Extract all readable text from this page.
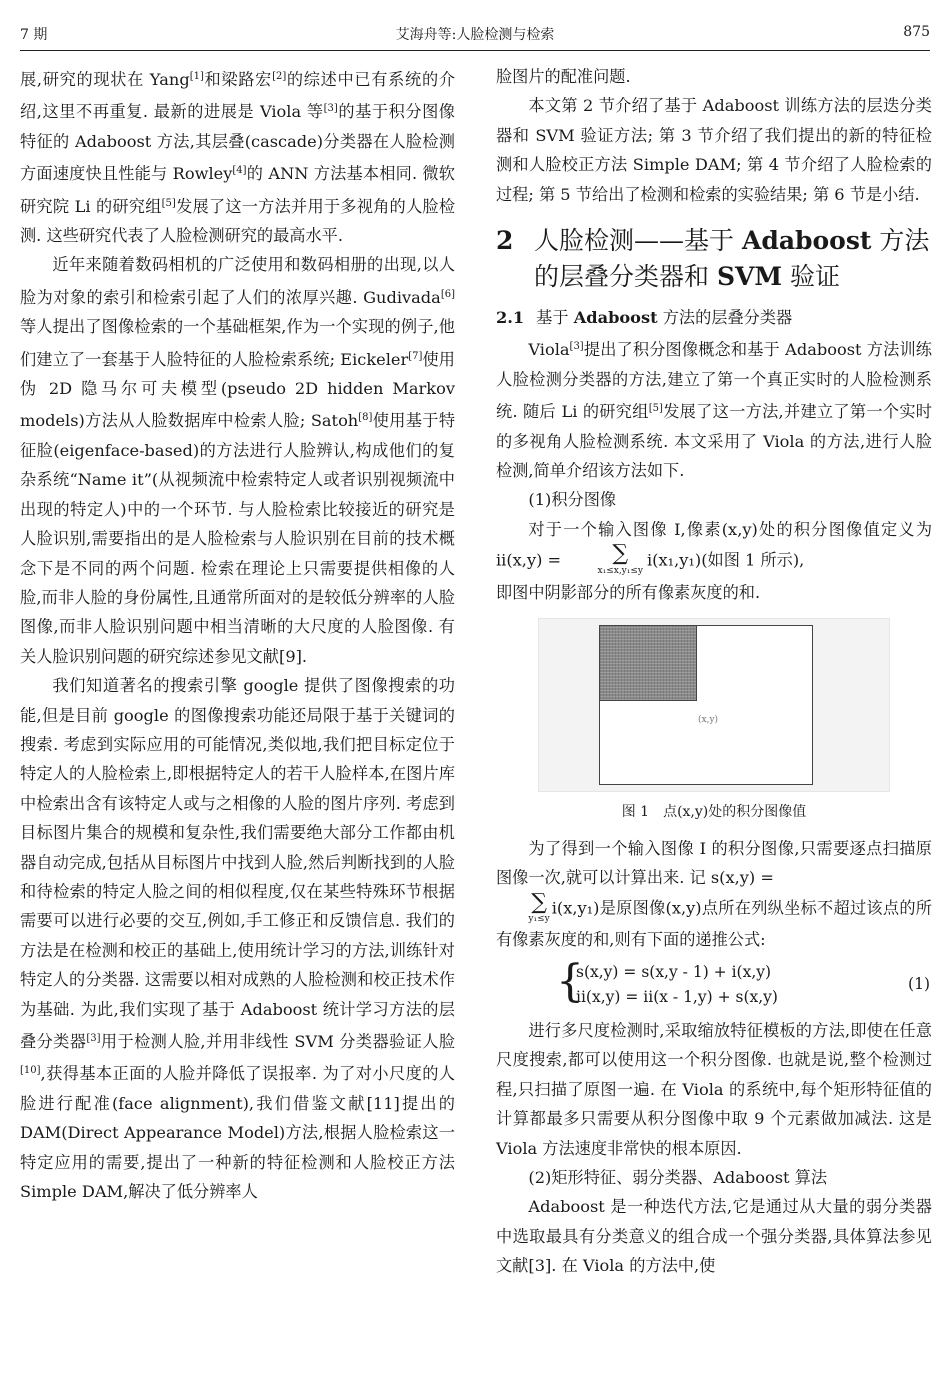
7 期	艾海舟等:人脸检测与检索	875

展,研究的现状在 Yang[1]和梁路宏[2]的综述中已有系统的介绍,这里不再重复. 最新的进展是 Viola 等[3]的基于积分图像特征的 Adaboost 方法,其层叠(cascade)分类器在人脸检测方面速度快且性能与 Rowley[4]的 ANN 方法基本相同. 微软研究院 Li 的研究组[5]发展了这一方法并用于多视角的人脸检测. 这些研究代表了人脸检测研究的最高水平.

近年来随着数码相机的广泛使用和数码相册的出现,以人脸为对象的索引和检索引起了人们的浓厚兴趣. Gudivada[6]等人提出了图像检索的一个基础框架,作为一个实现的例子,他们建立了一套基于人脸特征的人脸检索系统; Eickeler[7]使用伪 2D 隐马尔可夫模型(pseudo 2D hidden Markov models)方法从人脸数据库中检索人脸; Satoh[8]使用基于特征脸(eigenface-based)的方法进行人脸辨认,构成他们的复杂系统“Name it”(从视频流中检索特定人或者识别视频流中出现的特定人)中的一个环节. 与人脸检索比较接近的研究是人脸识别,需要指出的是人脸检索与人脸识别在目前的技术概念下是不同的两个问题. 检索在理论上只需要提供相像的人脸,而非人脸的身份属性,且通常所面对的是较低分辨率的人脸图像,而非人脸识别问题中相当清晰的大尺度的人脸图像. 有关人脸识别问题的研究综述参见文献[9].

我们知道著名的搜索引擎 google 提供了图像搜索的功能,但是目前 google 的图像搜索功能还局限于基于关键词的搜索. 考虑到实际应用的可能情况,类似地,我们把目标定位于特定人的人脸检索上,即根据特定人的若干人脸样本,在图片库中检索出含有该特定人或与之相像的人脸的图片序列. 考虑到目标图片集合的规模和复杂性,我们需要绝大部分工作都由机器自动完成,包括从目标图片中找到人脸,然后判断找到的人脸和待检索的特定人脸之间的相似程度,仅在某些特殊环节根据需要可以进行必要的交互,例如,手工修正和反馈信息. 我们的方法是在检测和校正的基础上,使用统计学习的方法,训练针对特定人的分类器. 这需要以相对成熟的人脸检测和校正技术作为基础. 为此,我们实现了基于 Adaboost 统计学习方法的层叠分类器[3]用于检测人脸,并用非线性 SVM 分类器验证人脸[10],获得基本正面的人脸并降低了误报率. 为了对小尺度的人脸进行配准(face alignment),我们借鉴文献[11]提出的 DAM(Direct Appearance Model)方法,根据人脸检索这一特定应用的需要,提出了一种新的特征检测和人脸校正方法 Simple DAM,解决了低分辨率人

脸图片的配准问题.

本文第 2 节介绍了基于 Adaboost 训练方法的层迭分类器和 SVM 验证方法; 第 3 节介绍了我们提出的新的特征检测和人脸校正方法 Simple DAM; 第 4 节介绍了人脸检索的过程; 第 5 节给出了检测和检索的实验结果; 第 6 节是小结.

2 人脸检测——基于 Adaboost 方法的层叠分类器和 SVM 验证
2.1 基于 Adaboost 方法的层叠分类器

Viola[3]提出了积分图像概念和基于 Adaboost 方法训练人脸检测分类器的方法,建立了第一个真正实时的人脸检测系统. 随后 Li 的研究组[5]发展了这一方法,并建立了第一个实时的多视角人脸检测系统. 本文采用了 Viola 的方法,进行人脸检测,简单介绍该方法如下.

(1)积分图像

对于一个输入图像 I,像素(x,y)处的积分图像值定义为 ii(x,y) =	∑
x₁≤x,y₁≤y
i(x₁,y₁)(如图 1 所示),

即图中阴影部分的所有像素灰度的和.

(x,y)
图 1　点(x,y)处的积分图像值

为了得到一个输入图像 I 的积分图像,只需要逐点扫描原图像一次,就可以计算出来. 记 s(x,y) =

∑
y₁≤y
i(x,y₁)是原图像(x,y)点所在列纵坐标不超过该点的所有像素灰度的和,则有下面的递推公式:

{
s(x,y) = s(x,y - 1) + i(x,y)
ii(x,y) = ii(x - 1,y) + s(x,y)
(1)

进行多尺度检测时,采取缩放特征模板的方法,即使在任意尺度搜索,都可以使用这一个积分图像. 也就是说,整个检测过程,只扫描了原图一遍. 在 Viola 的系统中,每个矩形特征值的计算都最多只需要从积分图像中取 9 个元素做加减法. 这是 Viola 方法速度非常快的根本原因.

(2)矩形特征、弱分类器、Adaboost 算法

Adaboost 是一种迭代方法,它是通过从大量的弱分类器中选取最具有分类意义的组合成一个强分类器,具体算法参见文献[3]. 在 Viola 的方法中,使
